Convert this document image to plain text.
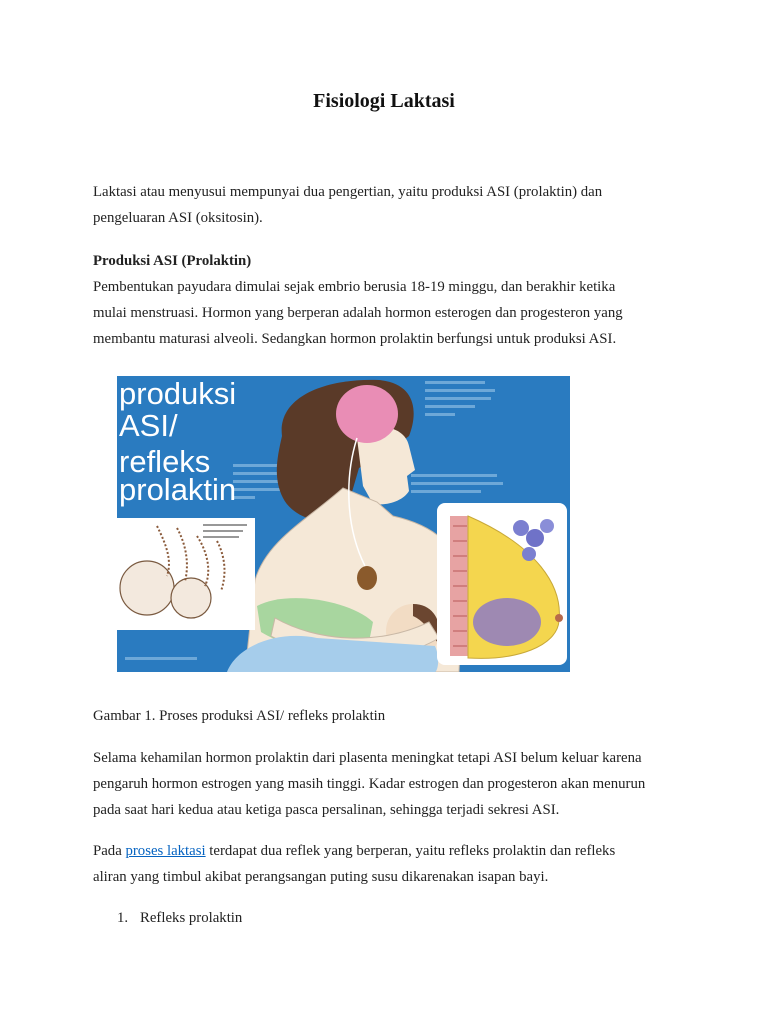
Fisiologi Laktasi
Laktasi atau menyusui mempunyai dua pengertian, yaitu produksi ASI (prolaktin) dan
pengeluaran ASI (oksitosin).
Produksi ASI (Prolaktin)
Pembentukan payudara dimulai sejak embrio berusia 18-19 minggu, dan berakhir ketika
mulai menstruasi. Hormon yang berperan adalah hormon esterogen dan progesteron yang
membantu maturasi alveoli. Sedangkan hormon prolaktin berfungsi untuk produksi ASI.
produksi
ASI/
refleks
prolaktin
Gambar 1. Proses produksi ASI/ refleks prolaktin
Selama kehamilan hormon prolaktin dari plasenta meningkat tetapi ASI belum keluar karena
pengaruh hormon estrogen yang masih tinggi. Kadar estrogen dan progesteron akan menurun
pada saat hari kedua atau ketiga pasca persalinan, sehingga terjadi sekresi ASI.
Pada proses laktasi terdapat dua reflek yang berperan, yaitu refleks prolaktin dan refleks
aliran yang timbul akibat perangsangan puting susu dikarenakan isapan bayi.
1. Refleks prolaktin
